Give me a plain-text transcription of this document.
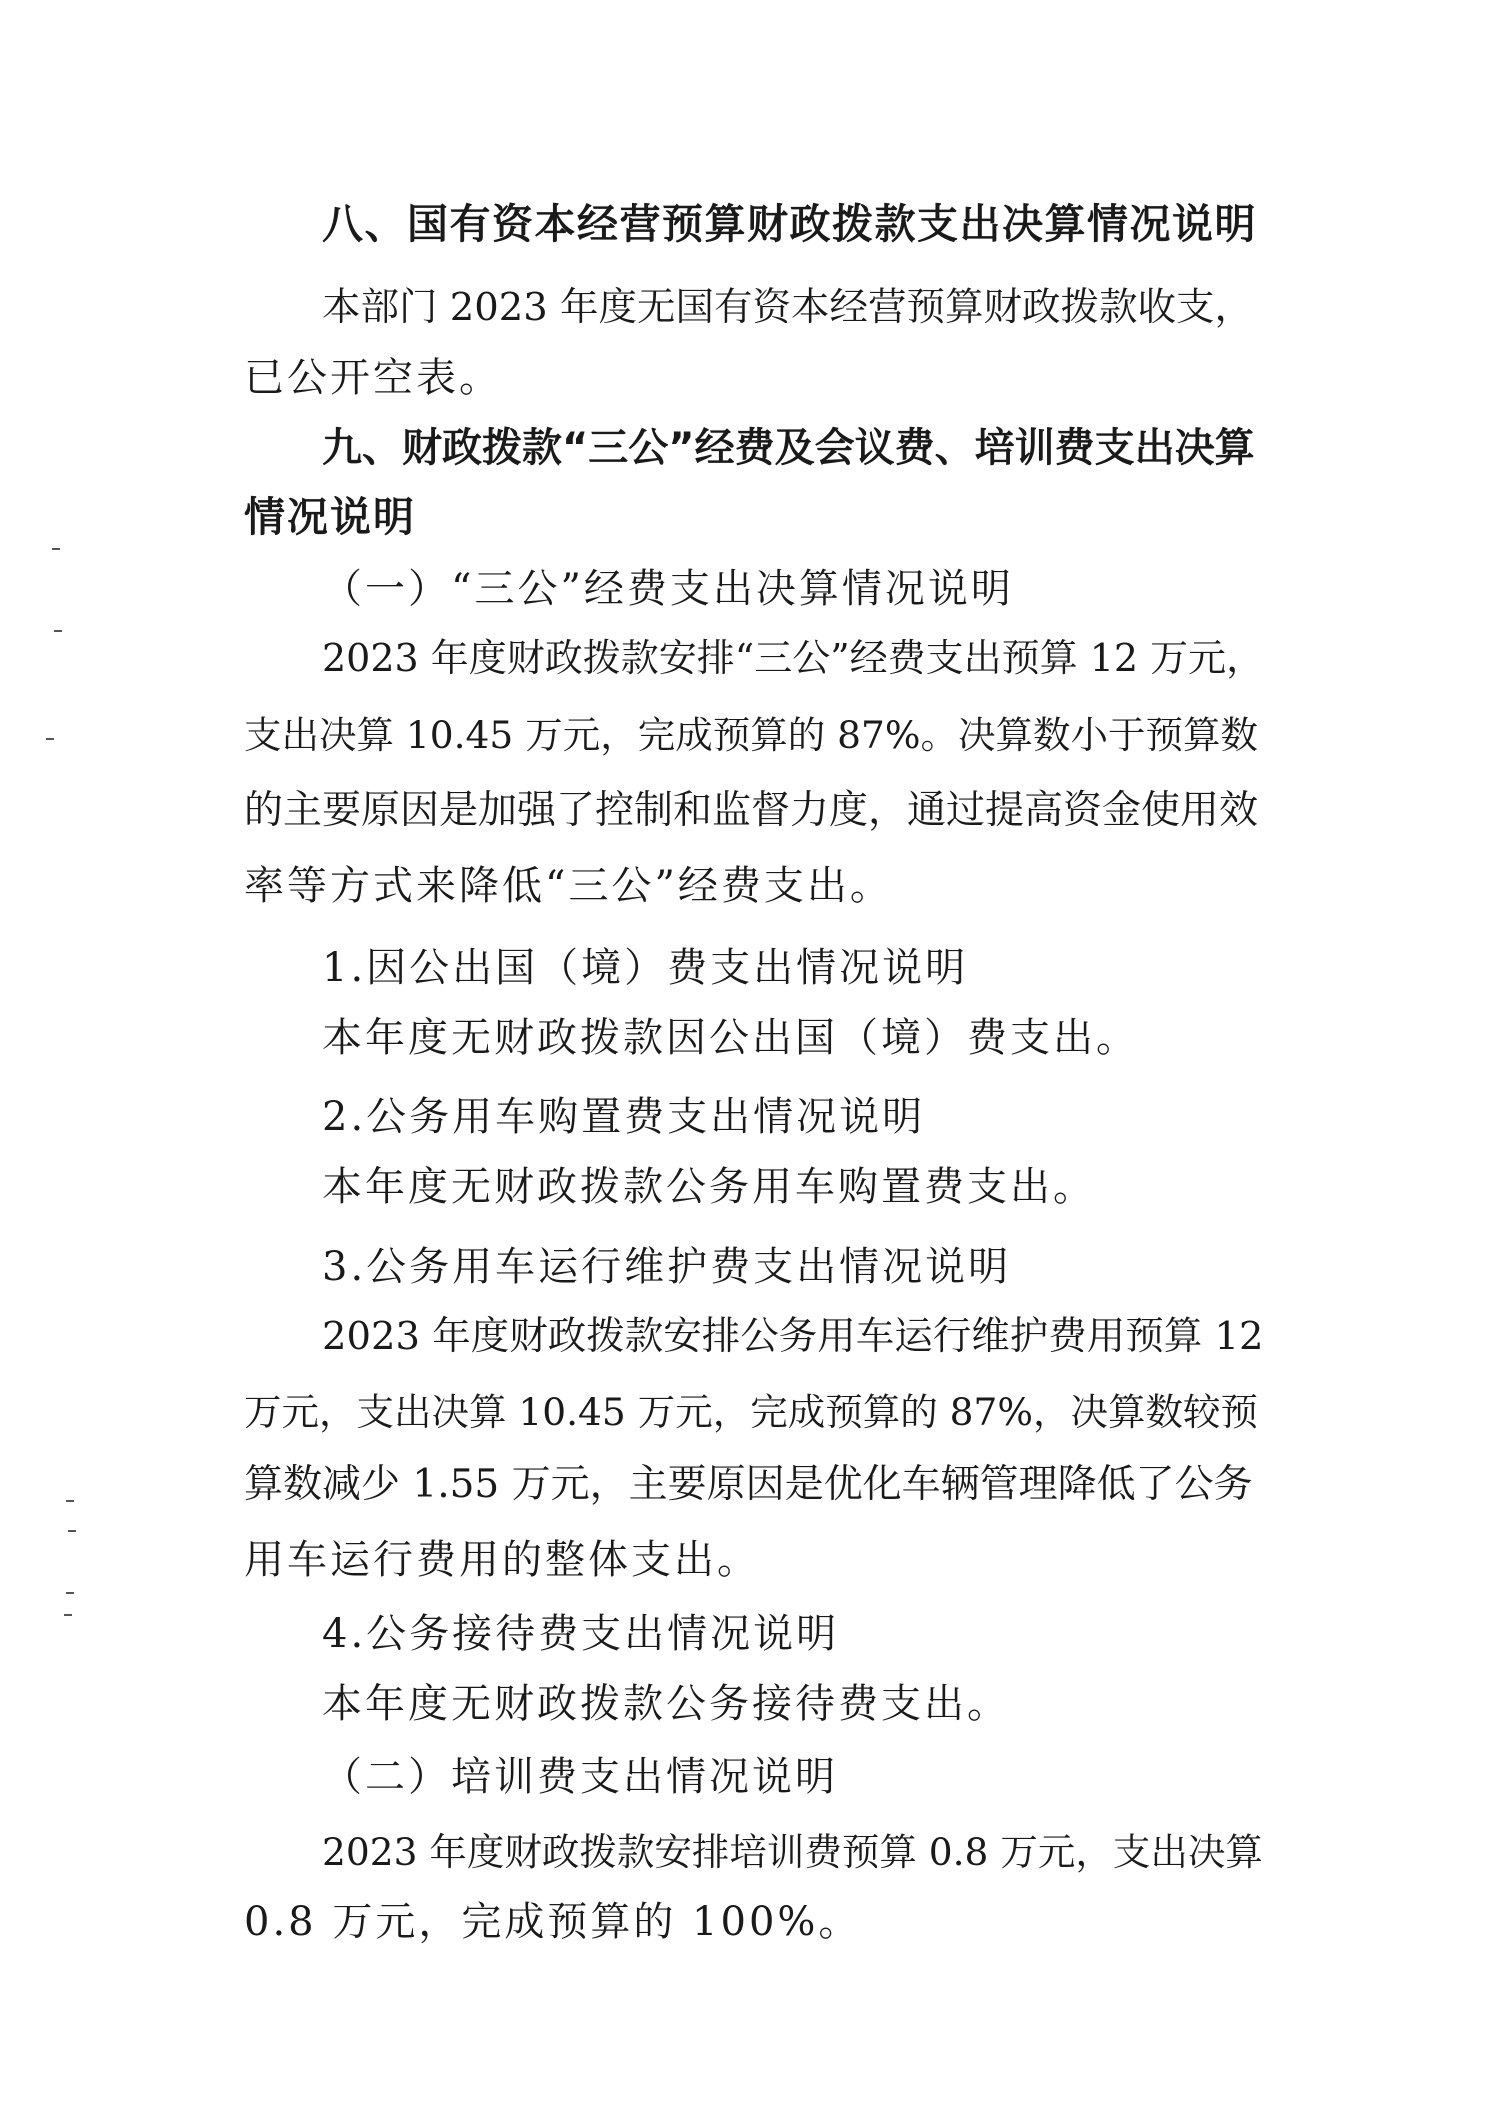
八、国有资本经营预算财政拨款支出决算情况说明
本部门 2023 年度无国有资本经营预算财政拨款收支，
已公开空表。
九、财政拨款“三公”经费及会议费、培训费支出决算
情况说明
（一）“三公”经费支出决算情况说明
2023 年度财政拨款安排“三公”经费支出预算 12 万元，
支出决算 10.45 万元，完成预算的 87%。决算数小于预算数
的主要原因是加强了控制和监督力度，通过提高资金使用效
率等方式来降低“三公”经费支出。
1.因公出国（境）费支出情况说明
本年度无财政拨款因公出国（境）费支出。
2.公务用车购置费支出情况说明
本年度无财政拨款公务用车购置费支出。
3.公务用车运行维护费支出情况说明
2023 年度财政拨款安排公务用车运行维护费用预算 12
万元，支出决算 10.45 万元，完成预算的 87%，决算数较预
算数减少 1.55 万元，主要原因是优化车辆管理降低了公务
用车运行费用的整体支出。
4.公务接待费支出情况说明
本年度无财政拨款公务接待费支出。
（二）培训费支出情况说明
2023 年度财政拨款安排培训费预算 0.8 万元，支出决算
0.8 万元，完成预算的 100%。
